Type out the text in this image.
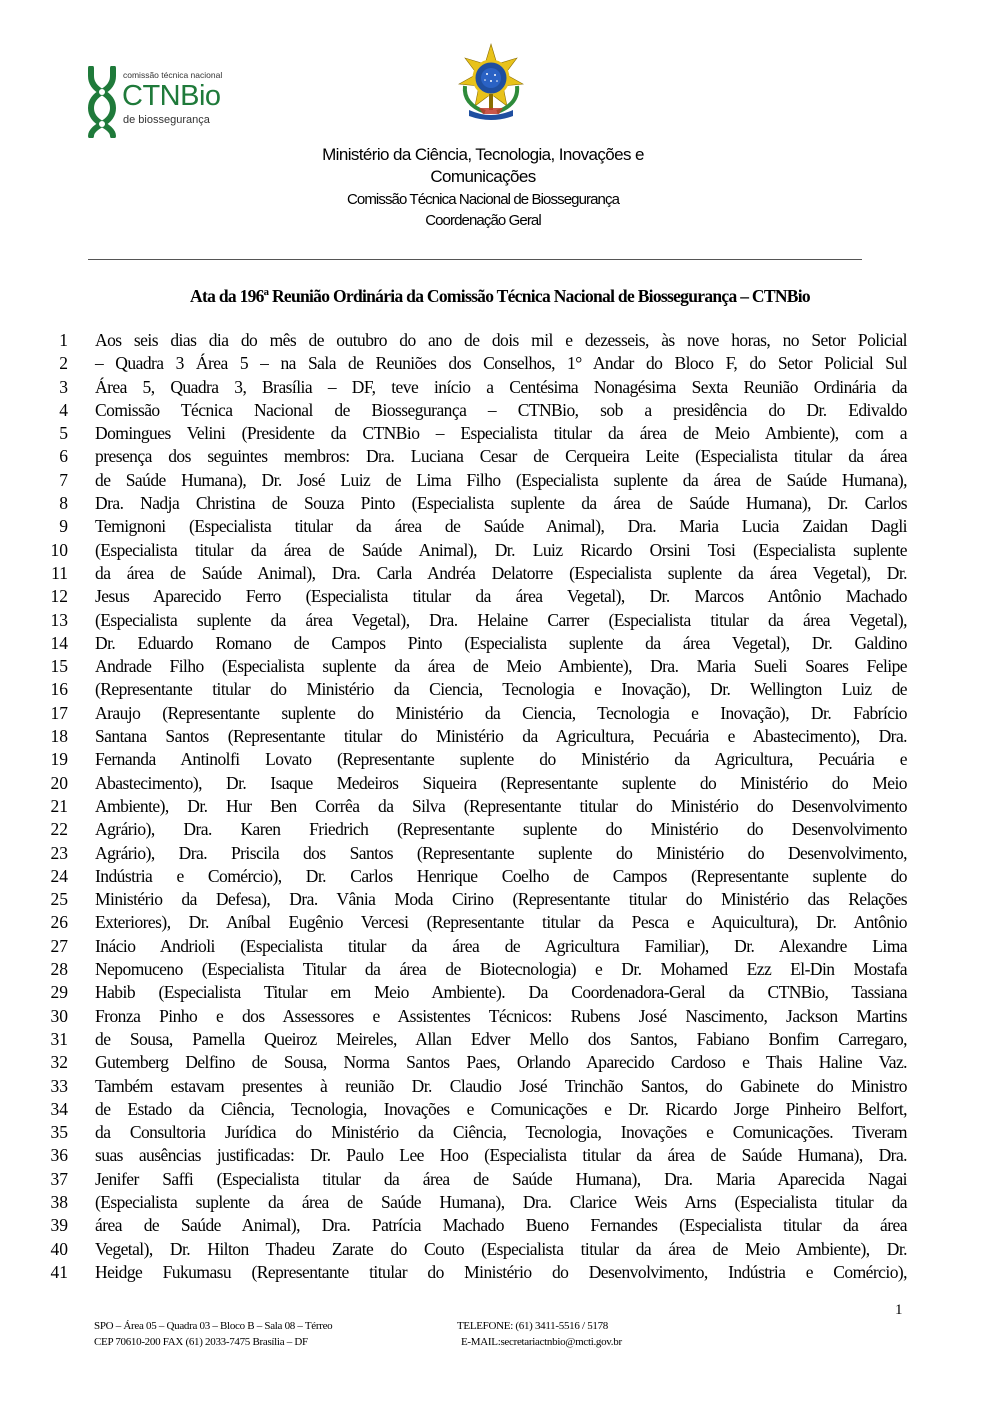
comissão técnica nacional
CTNBio
de biossegurança
Ministério da Ciência, Tecnologia, Inovações e
Comunicações
Comissão Técnica Nacional de Biossegurança
Coordenação Geral
Ata da 196ª Reunião Ordinária da Comissão Técnica Nacional de Biossegurança – CTNBio
1 Aos seis dias dia do mês de outubro do ano de dois mil e dezesseis, às nove horas, no Setor Policial
2 – Quadra 3 Área 5 – na Sala de Reuniões dos Conselhos, 1° Andar do Bloco F, do Setor Policial Sul
3 Área 5, Quadra 3, Brasília – DF, teve início a Centésima Nonagésima Sexta Reunião Ordinária da
4 Comissão Técnica Nacional de Biossegurança – CTNBio, sob a presidência do Dr. Edivaldo
5 Domingues Velini (Presidente da CTNBio – Especialista titular da área de Meio Ambiente), com a
6 presença dos seguintes membros: Dra. Luciana Cesar de Cerqueira Leite (Especialista titular da área
7 de Saúde Humana), Dr. José Luiz de Lima Filho (Especialista suplente da área de Saúde Humana),
8 Dra. Nadja Christina de Souza Pinto (Especialista suplente da área de Saúde Humana), Dr. Carlos
9 Temignoni (Especialista titular da área de Saúde Animal), Dra. Maria Lucia Zaidan Dagli
10 (Especialista titular da área de Saúde Animal), Dr. Luiz Ricardo Orsini Tosi (Especialista suplente
11 da área de Saúde Animal), Dra. Carla Andréa Delatorre (Especialista suplente da área Vegetal), Dr.
12 Jesus Aparecido Ferro (Especialista titular da área Vegetal), Dr. Marcos Antônio Machado
13 (Especialista suplente da área Vegetal), Dra. Helaine Carrer (Especialista titular da área Vegetal),
14 Dr. Eduardo Romano de Campos Pinto (Especialista suplente da área Vegetal), Dr. Galdino
15 Andrade Filho (Especialista suplente da área de Meio Ambiente), Dra. Maria Sueli Soares Felipe
16 (Representante titular do Ministério da Ciencia, Tecnologia e Inovação), Dr. Wellington Luiz de
17 Araujo (Representante suplente do Ministério da Ciencia, Tecnologia e Inovação), Dr. Fabrício
18 Santana Santos (Representante titular do Ministério da Agricultura, Pecuária e Abastecimento), Dra.
19 Fernanda Antinolfi Lovato (Representante suplente do Ministério da Agricultura, Pecuária e
20 Abastecimento), Dr. Isaque Medeiros Siqueira (Representante suplente do Ministério do Meio
21 Ambiente), Dr. Hur Ben Corrêa da Silva (Representante titular do Ministério do Desenvolvimento
22 Agrário), Dra. Karen Friedrich (Representante suplente do Ministério do Desenvolvimento
23 Agrário), Dra. Priscila dos Santos (Representante suplente do Ministério do Desenvolvimento,
24 Indústria e Comércio), Dr. Carlos Henrique Coelho de Campos (Representante suplente do
25 Ministério da Defesa), Dra. Vânia Moda Cirino (Representante titular do Ministério das Relações
26 Exteriores), Dr. Aníbal Eugênio Vercesi (Representante titular da Pesca e Aquicultura), Dr. Antônio
27 Inácio Andrioli (Especialista titular da área de Agricultura Familiar), Dr. Alexandre Lima
28 Nepomuceno (Especialista Titular da área de Biotecnologia) e Dr. Mohamed Ezz El-Din Mostafa
29 Habib (Especialista Titular em Meio Ambiente). Da Coordenadora-Geral da CTNBio, Tassiana
30 Fronza Pinho e dos Assessores e Assistentes Técnicos: Rubens José Nascimento, Jackson Martins
31 de Sousa, Pamella Queiroz Meireles, Allan Edver Mello dos Santos, Fabiano Bonfim Carregaro,
32 Gutemberg Delfino de Sousa, Norma Santos Paes, Orlando Aparecido Cardoso e Thais Haline Vaz.
33 Também estavam presentes à reunião Dr. Claudio José Trinchão Santos, do Gabinete do Ministro
34 de Estado da Ciência, Tecnologia, Inovações e Comunicações e Dr. Ricardo Jorge Pinheiro Belfort,
35 da Consultoria Jurídica do Ministério da Ciência, Tecnologia, Inovações e Comunicações. Tiveram
36 suas ausências justificadas: Dr. Paulo Lee Hoo (Especialista titular da área de Saúde Humana), Dra.
37 Jenifer Saffi (Especialista titular da área de Saúde Humana), Dra. Maria Aparecida Nagai
38 (Especialista suplente da área de Saúde Humana), Dra. Clarice Weis Arns (Especialista titular da
39 área de Saúde Animal), Dra. Patrícia Machado Bueno Fernandes (Especialista titular da área
40 Vegetal), Dr. Hilton Thadeu Zarate do Couto (Especialista titular da área de Meio Ambiente), Dr.
41 Heidge Fukumasu (Representante titular do Ministério do Desenvolvimento, Indústria e Comércio),
1
SPO – Área 05 – Quadra 03 – Bloco B – Sala 08 – Térreo
CEP 70610-200 FAX (61) 2033-7475 Brasília – DF
TELEFONE: (61) 3411-5516 / 5178
E-MAIL:secretariactnbio@mcti.gov.br
